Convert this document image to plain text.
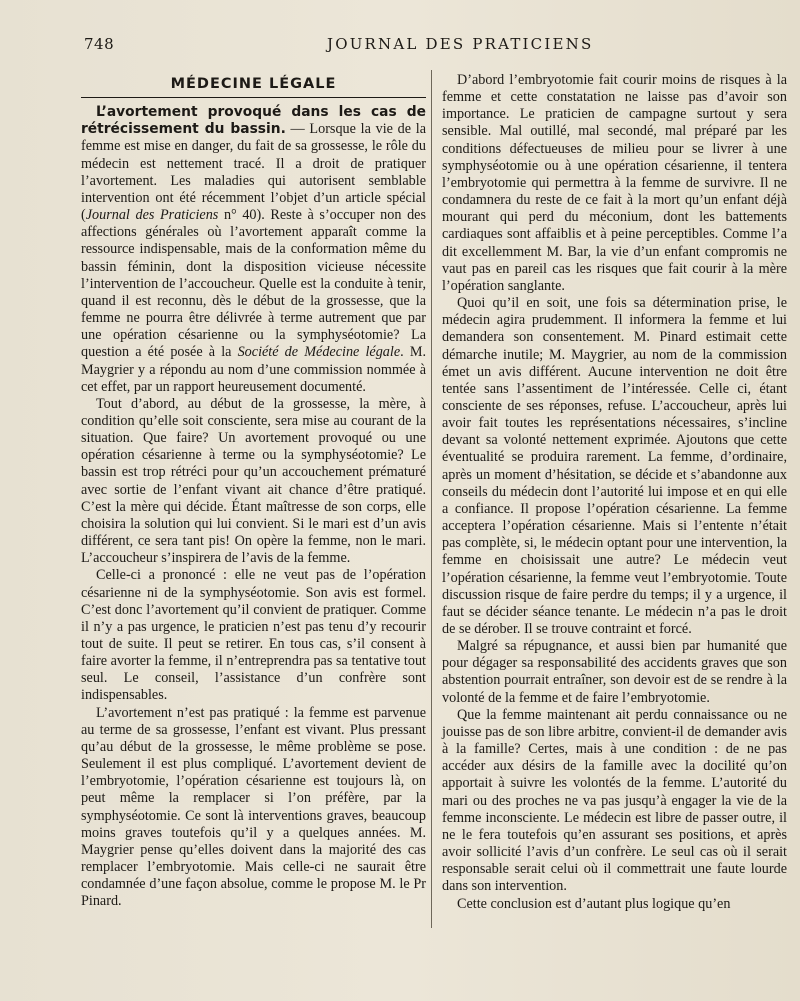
748	JOURNAL DES PRATICIENS
MÉDECINE LÉGALE

L’avortement provoqué dans les cas de rétrécissement du bassin. — Lorsque la vie de la femme est mise en danger, du fait de sa grossesse, le rôle du médecin est nettement tracé. Il a droit de pratiquer l’avortement. Les maladies qui autorisent semblable intervention ont été récemment l’objet d’un article spécial (Journal des Praticiens n° 40). Reste à s’occuper non des affections générales où l’avortement apparaît comme la ressource indispensable, mais de la conformation même du bassin féminin, dont la disposition vicieuse nécessite l’intervention de l’accoucheur. Quelle est la conduite à tenir, quand il est reconnu, dès le début de la grossesse, que la femme ne pourra être délivrée à terme autrement que par une opération césarienne ou la symphyséotomie? La question a été posée à la Société de Médecine légale. M. Maygrier y a répondu au nom d’une commission nommée à cet effet, par un rapport heureusement documenté.

Tout d’abord, au début de la grossesse, la mère, à condition qu’elle soit consciente, sera mise au courant de la situation. Que faire? Un avortement provoqué ou une opération césarienne à terme ou la symphyséotomie? Le bassin est trop rétréci pour qu’un accouchement prématuré avec sortie de l’enfant vivant ait chance d’être pratiqué. C’est la mère qui décide. Étant maîtresse de son corps, elle choisira la solution qui lui convient. Si le mari est d’un avis différent, ce sera tant pis! On opère la femme, non le mari. L’accoucheur s’inspirera de l’avis de la femme.

Celle-ci a prononcé : elle ne veut pas de l’opération césarienne ni de la symphyséotomie. Son avis est formel. C’est donc l’avortement qu’il convient de pratiquer. Comme il n’y a pas urgence, le praticien n’est pas tenu d’y recourir tout de suite. Il peut se retirer. En tous cas, s’il consent à faire avorter la femme, il n’entreprendra pas sa tentative tout seul. Le conseil, l’assistance d’un confrère sont indispensables.

L’avortement n’est pas pratiqué : la femme est parvenue au terme de sa grossesse, l’enfant est vivant. Plus pressant qu’au début de la grossesse, le même problème se pose. Seulement il est plus compliqué. L’avortement devient de l’embryotomie, l’opération césarienne est toujours là, on peut même la remplacer si l’on préfère, par la symphyséotomie. Ce sont là interventions graves, beaucoup moins graves toutefois qu’il y a quelques années. M. Maygrier pense qu’elles doivent dans la majorité des cas remplacer l’embryotomie. Mais celle-ci ne saurait être condamnée d’une façon absolue, comme le propose M. le Pr Pinard.

D’abord l’embryotomie fait courir moins de risques à la femme et cette constatation ne laisse pas d’avoir son importance. Le praticien de campagne surtout y sera sensible. Mal outillé, mal secondé, mal préparé par les conditions défectueuses de milieu pour se livrer à une symphyséotomie ou à une opération césarienne, il tentera l’embryotomie qui permettra à la femme de survivre. Il ne condamnera du reste de ce fait à la mort qu’un enfant déjà mourant qui perd du méconium, dont les battements cardiaques sont affaiblis et à peine perceptibles. Comme l’a dit excellemment M. Bar, la vie d’un enfant compromis ne vaut pas en pareil cas les risques que fait courir à la mère l’opération sanglante.

Quoi qu’il en soit, une fois sa détermination prise, le médecin agira prudemment. Il informera la femme et lui demandera son consentement. M. Pinard estimait cette démarche inutile; M. Maygrier, au nom de la commission émet un avis différent. Aucune intervention ne doit être tentée sans l’assentiment de l’intéressée. Celle ci, étant consciente de ses réponses, refuse. L’accoucheur, après lui avoir fait toutes les représentations nécessaires, s’incline devant sa volonté nettement exprimée. Ajoutons que cette éventualité se produira rarement. La femme, d’ordinaire, après un moment d’hésitation, se décide et s’abandonne aux conseils du médecin dont l’autorité lui impose et en qui elle a confiance. Il propose l’opération césarienne. La femme acceptera l’opération césarienne. Mais si l’entente n’était pas complète, si, le médecin optant pour une intervention, la femme en choisissait une autre? Le médecin veut l’opération césarienne, la femme veut l’embryotomie. Toute discussion risque de faire perdre du temps; il y a urgence, il faut se décider séance tenante. Le médecin n’a pas le droit de se dérober. Il se trouve contraint et forcé.

Malgré sa répugnance, et aussi bien par humanité que pour dégager sa responsabilité des accidents graves que son abstention pourrait entraîner, son devoir est de se rendre à la volonté de la femme et de faire l’embryotomie.

Que la femme maintenant ait perdu connaissance ou ne jouisse pas de son libre arbitre, convient-il de demander avis à la famille? Certes, mais à une condition : de ne pas accéder aux désirs de la famille avec la docilité qu’on apportait à suivre les volontés de la femme. L’autorité du mari ou des proches ne va pas jusqu’à engager la vie de la femme inconsciente. Le médecin est libre de passer outre, il ne le fera toutefois qu’en assurant ses positions, et après avoir sollicité l’avis d’un confrère. Le seul cas où il serait responsable serait celui où il commettrait une faute lourde dans son intervention.

Cette conclusion est d’autant plus logique qu’en
